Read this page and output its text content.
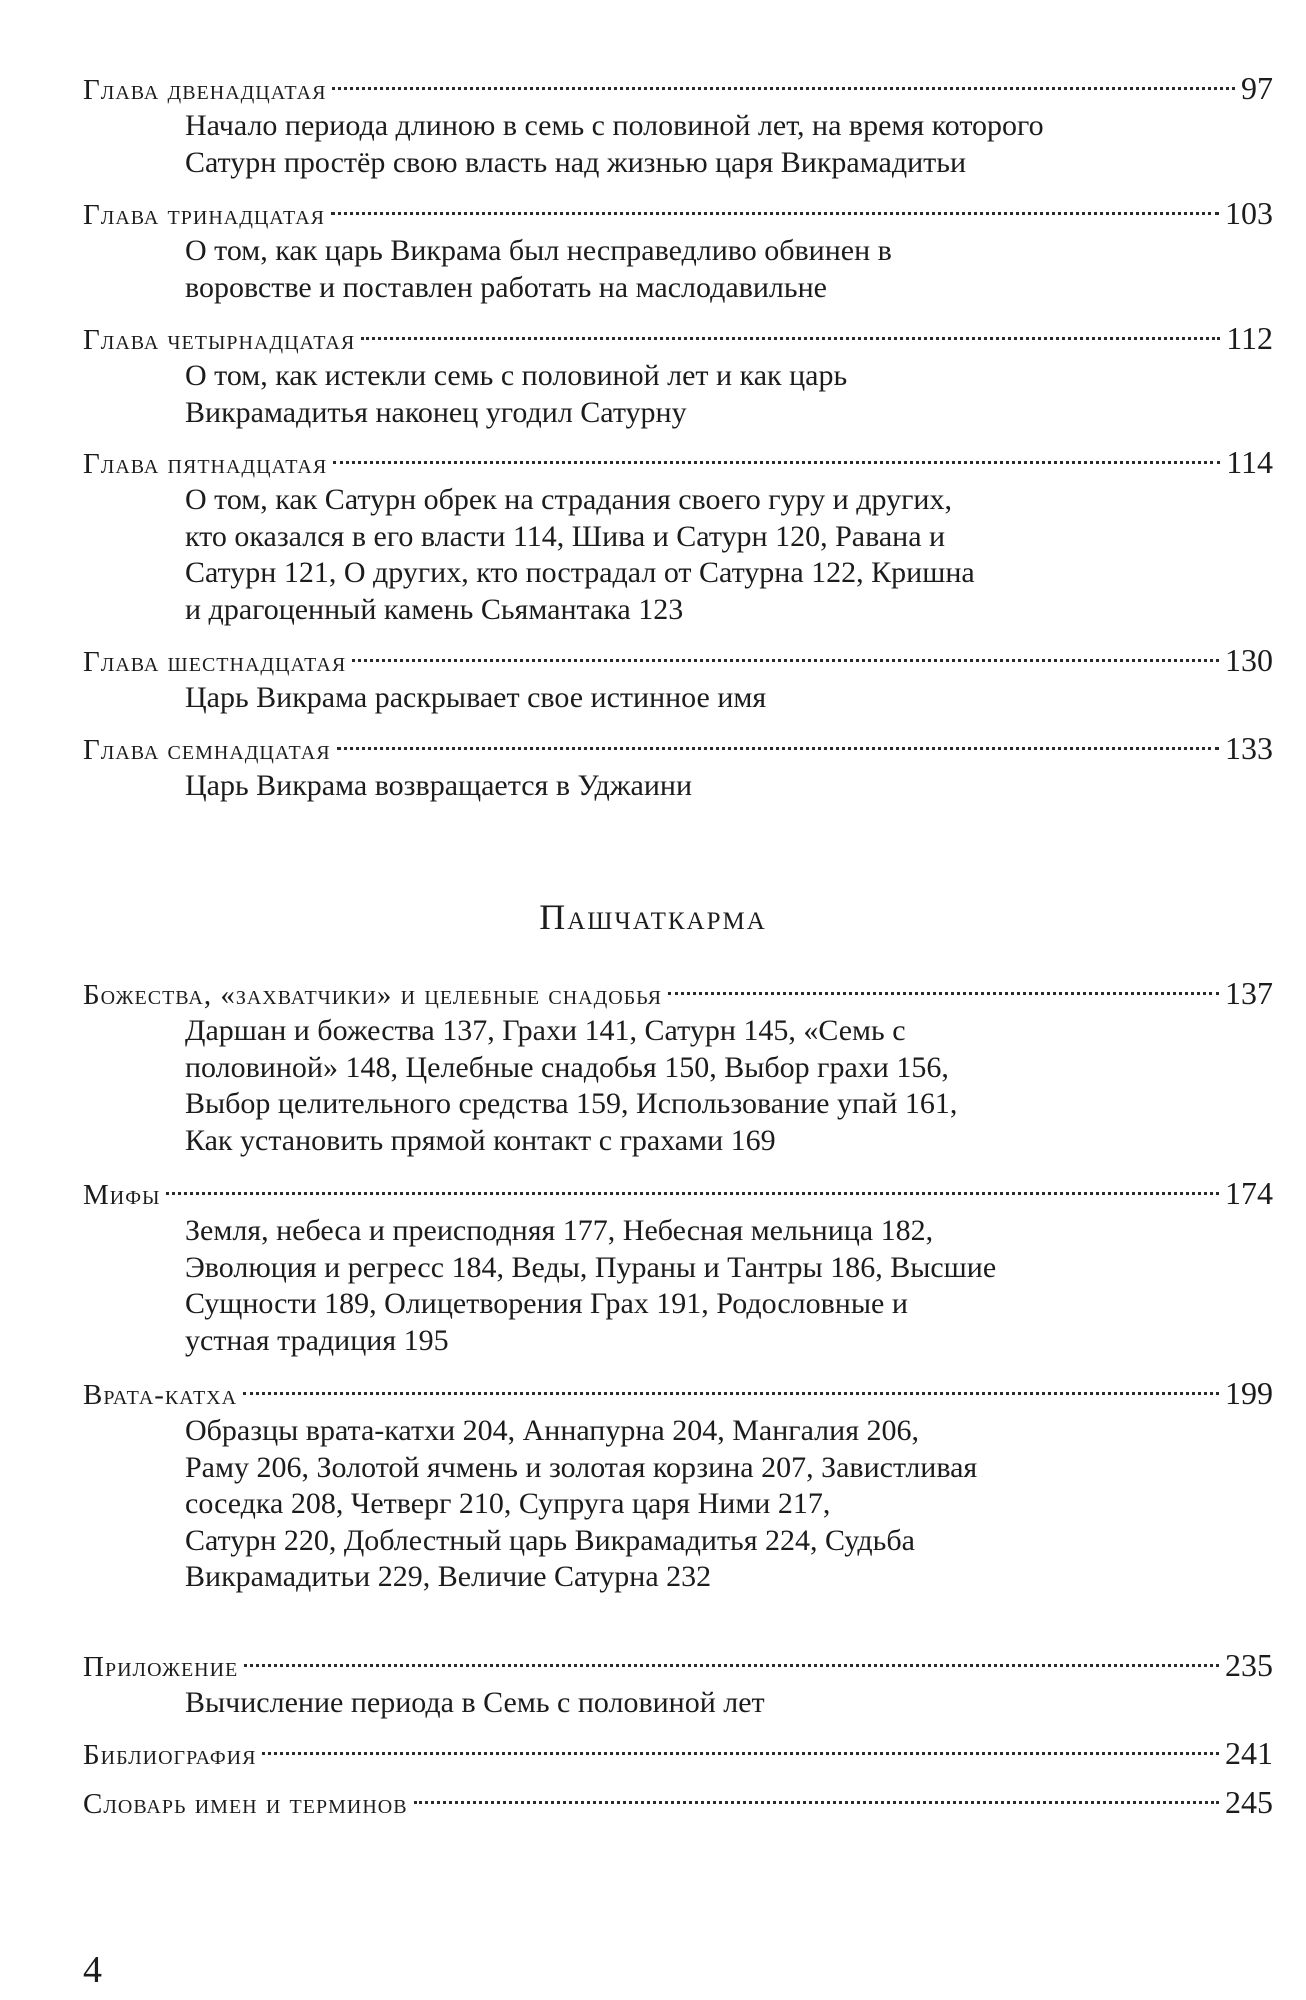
Глава двенадцатая	97
Начало периода длиною в семь с половиной лет, на время которого
Сатурн простёр свою власть над жизнью царя Викрамадитьи
Глава тринадцатая	103
О том, как царь Викрама был несправедливо обвинен в
воровстве и поставлен работать на маслодавильне
Глава четырнадцатая	112
О том, как истекли семь с половиной лет и как царь
Викрамадитья наконец угодил Сатурну
Глава пятнадцатая	114
О том, как Сатурн обрек на страдания своего гуру и других,
кто оказался в его власти 114, Шива и Сатурн 120, Равана и
Сатурн 121, О других, кто пострадал от Сатурна 122, Кришна
и драгоценный камень Сьямантака 123
Глава шестнадцатая	130
Царь Викрама раскрывает свое истинное имя
Глава семнадцатая	133
Царь Викрама возвращается в Уджаини
Пашчаткарма
Божества, «захватчики» и целебные снадобья	137
Даршан и божества 137, Грахи 141, Сатурн 145, «Семь с
половиной» 148, Целебные снадобья 150, Выбор грахи 156,
Выбор целительного средства 159, Использование упай 161,
Как установить прямой контакт с грахами 169
Мифы	174
Земля, небеса и преисподняя 177, Небесная мельница 182,
Эволюция и регресс 184, Веды, Пураны и Тантры 186, Высшие
Сущности 189, Олицетворения Грах 191, Родословные и
устная традиция 195
Врата-катха	199
Образцы врата-катхи 204, Аннапурна 204, Мангалия 206,
Раму 206, Золотой ячмень и золотая корзина 207, Завистливая
соседка 208, Четверг 210, Супруга царя Ними 217,
Сатурн 220, Доблестный царь Викрамадитья 224, Судьба
Викрамадитьи 229, Величие Сатурна 232
Приложение	235
Вычисление периода в Семь с половиной лет
Библиография	241
Словарь имен и терминов	245
4
